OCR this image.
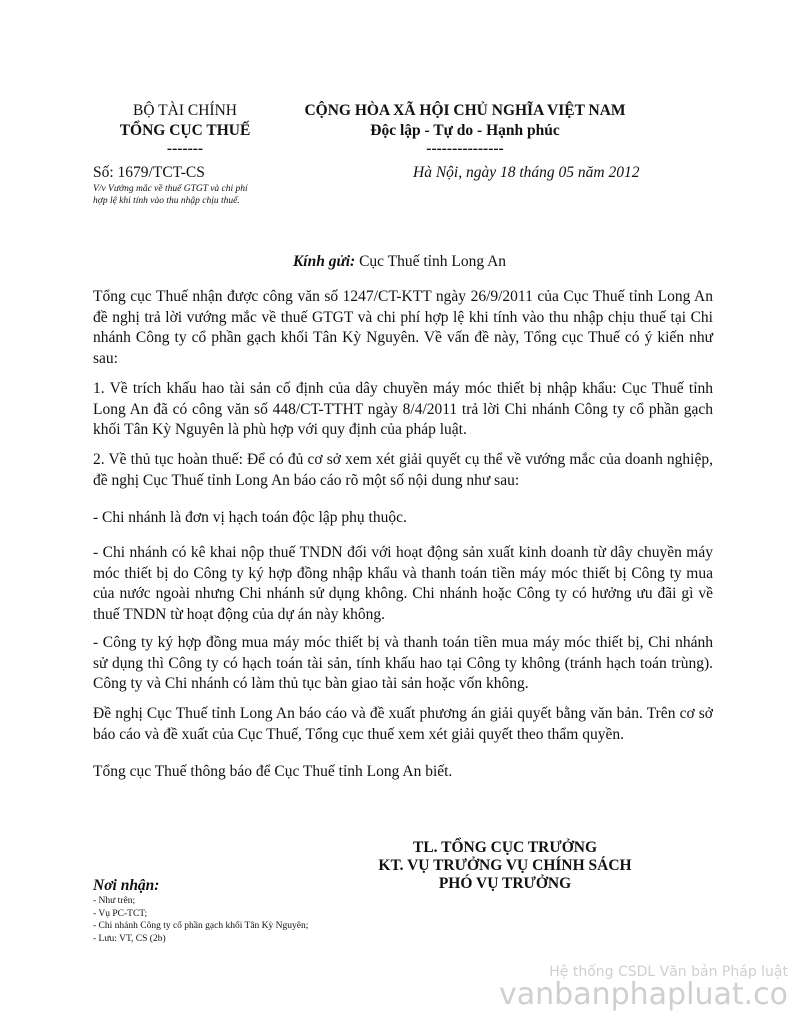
BỘ TÀI CHÍNH
TỔNG CỤC THUẾ
-------
CỘNG HÒA XÃ HỘI CHỦ NGHĨA VIỆT NAM
Độc lập - Tự do - Hạnh phúc
---------------
Số: 1679/TCT-CS
V/v Vướng mắc về thuế GTGT và chi phí
hợp lệ khi tính vào thu nhập chịu thuế.
Hà Nội, ngày 18 tháng 05 năm 2012
Kính gửi: Cục Thuế tỉnh Long An
Tổng cục Thuế nhận được công văn số 1247/CT-KTT ngày 26/9/2011 của Cục Thuế tỉnh Long An đề nghị trả lời vướng mắc về thuế GTGT và chi phí hợp lệ khi tính vào thu nhập chịu thuế tại Chi nhánh Công ty cổ phần gạch khối Tân Kỳ Nguyên. Về vấn đề này, Tổng cục Thuế có ý kiến như sau:
1. Về trích khấu hao tài sản cố định của dây chuyền máy móc thiết bị nhập khẩu: Cục Thuế tỉnh Long An đã có công văn số 448/CT-TTHT ngày 8/4/2011 trả lời Chi nhánh Công ty cổ phần gạch khối Tân Kỳ Nguyên là phù hợp với quy định của pháp luật.
2. Về thủ tục hoàn thuế: Để có đủ cơ sở xem xét giải quyết cụ thể về vướng mắc của doanh nghiệp, đề nghị Cục Thuế tỉnh Long An báo cáo rõ một số nội dung như sau:
- Chi nhánh là đơn vị hạch toán độc lập phụ thuộc.
- Chi nhánh có kê khai nộp thuế TNDN đối với hoạt động sản xuất kinh doanh từ dây chuyền máy móc thiết bị do Công ty ký hợp đồng nhập khẩu và thanh toán tiền máy móc thiết bị Công ty mua của nước ngoài nhưng Chi nhánh sử dụng không. Chi nhánh hoặc Công ty có hưởng ưu đãi gì về thuế TNDN từ hoạt động của dự án này không.
- Công ty ký hợp đồng mua máy móc thiết bị và thanh toán tiền mua máy móc thiết bị, Chi nhánh sử dụng thì Công ty có hạch toán tài sản, tính khấu hao tại Công ty không (tránh hạch toán trùng). Công ty và Chi nhánh có làm thủ tục bàn giao tài sản hoặc vốn không.
Đề nghị Cục Thuế tỉnh Long An báo cáo và đề xuất phương án giải quyết bằng văn bản. Trên cơ sở báo cáo và đề xuất của Cục Thuế, Tổng cục thuế xem xét giải quyết theo thẩm quyền.
Tổng cục Thuế thông báo để Cục Thuế tỉnh Long An biết.
TL. TỔNG CỤC TRƯỞNG
KT. VỤ TRƯỞNG VỤ CHÍNH SÁCH
PHÓ VỤ TRƯỞNG
Nơi nhận:
- Như trên;
- Vụ PC-TCT;
- Chi nhánh Công ty cổ phần gạch khối Tân Kỳ Nguyên;
- Lưu: VT, CS (2b)
Hệ thống CSDL Văn bản Pháp luật
vanbanphapluat.co
